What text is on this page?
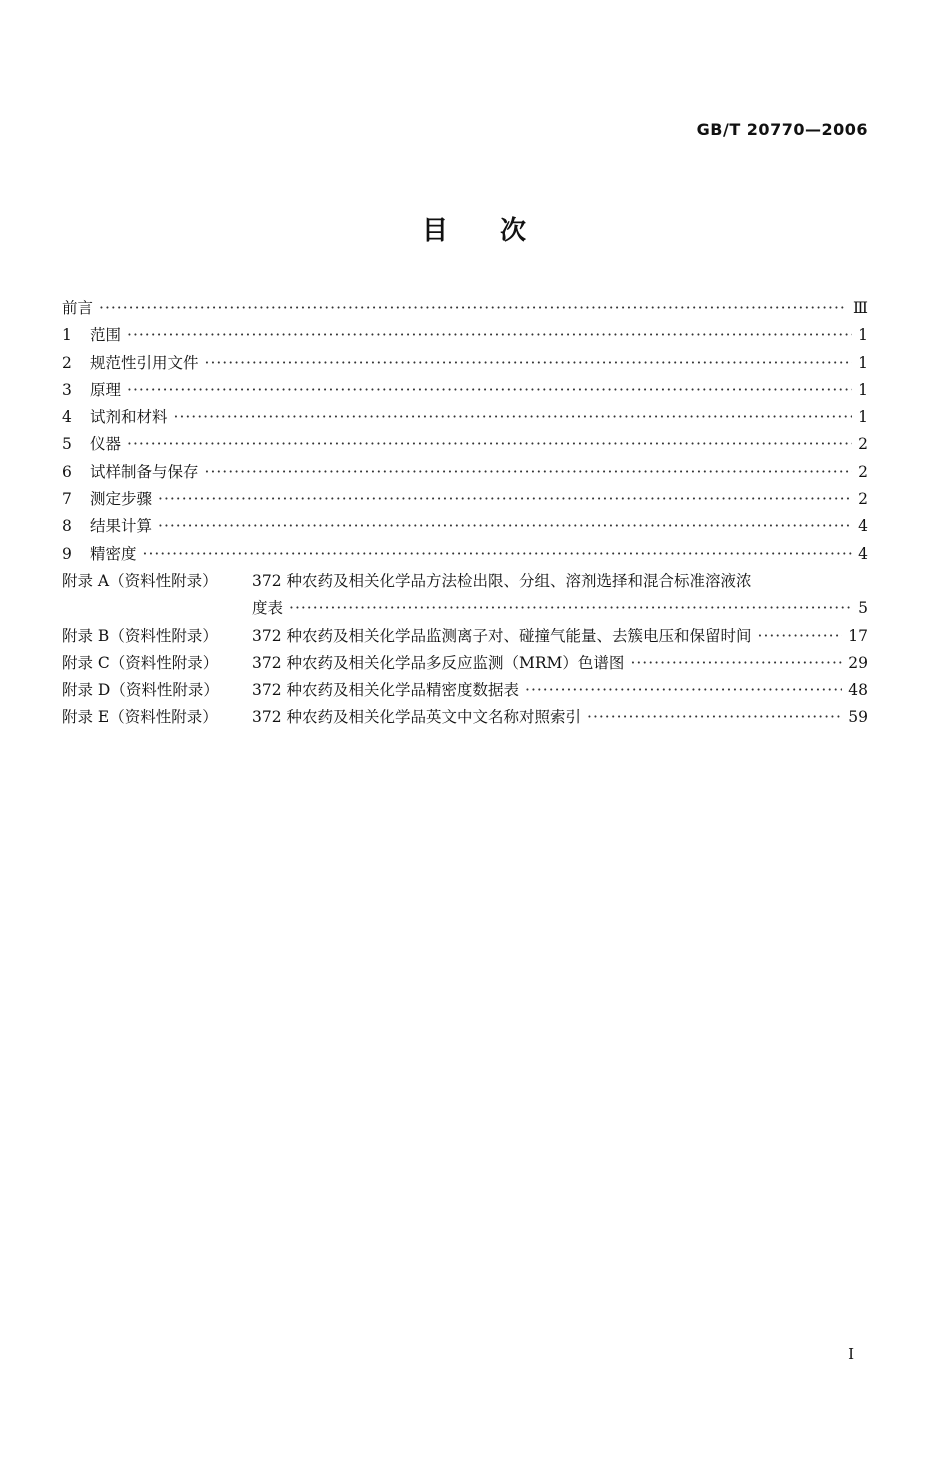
GB/T 20770—2006
目 次
前言 ·····	Ⅲ
1	范围 ·····	1
2	规范性引用文件 ·····	1
3	原理 ·····	1
4	试剂和材料 ·····	1
5	仪器 ·····	2
6	试样制备与保存 ·····	2
7	测定步骤 ·····	2
8	结果计算 ·····	4
9	精密度 ·····	4
附录 A（资料性附录）	372 种农药及相关化学品方法检出限、分组、溶剂选择和混合标准溶液浓
度表 ·····	5
附录 B（资料性附录）	372 种农药及相关化学品监测离子对、碰撞气能量、去簇电压和保留时间 ·····	17
附录 C（资料性附录）	372 种农药及相关化学品多反应监测（MRM）色谱图 ·····	29
附录 D（资料性附录）	372 种农药及相关化学品精密度数据表 ·····	48
附录 E（资料性附录）	372 种农药及相关化学品英文中文名称对照索引 ·····	59
I
